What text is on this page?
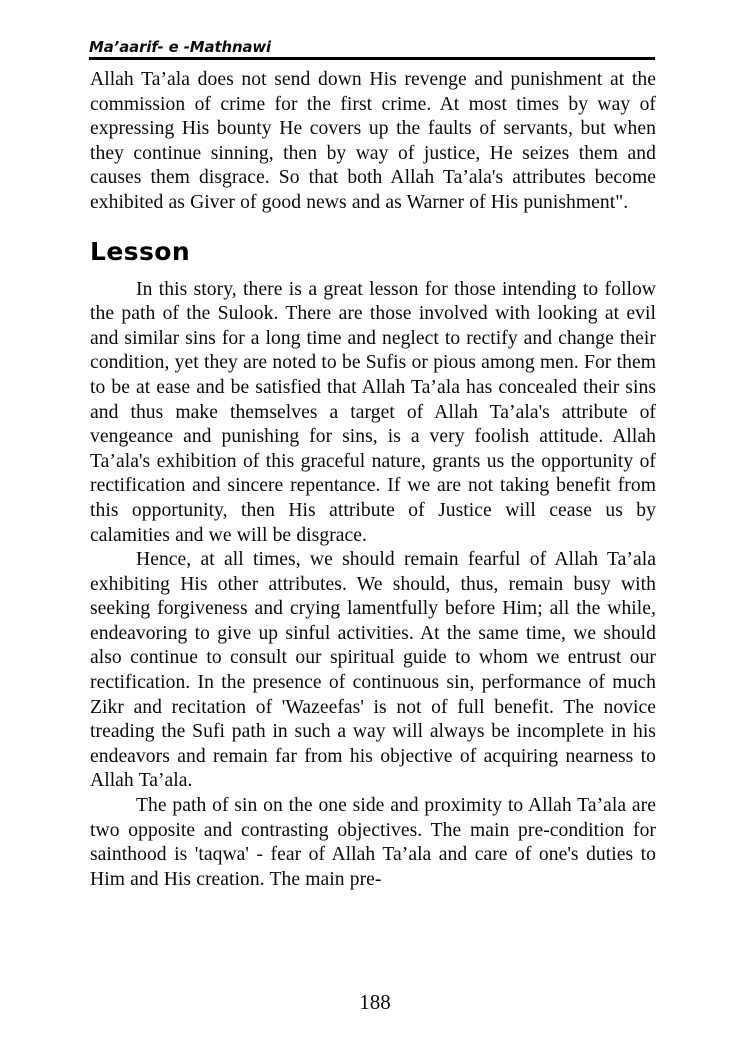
Ma’aarif- e -Mathnawi

Allah Ta’ala does not send down His revenge and punishment at the commission of crime for the first crime. At most times by way of expressing His bounty He covers up the faults of servants, but when they continue sinning, then by way of justice, He seizes them and causes them disgrace. So that both Allah Ta’ala's attributes become exhibited as Giver of good news and as Warner of His punishment".

Lesson

In this story, there is a great lesson for those intending to follow the path of the Sulook. There are those involved with looking at evil and similar sins for a long time and neglect to rectify and change their condition, yet they are noted to be Sufis or pious among men. For them to be at ease and be satisfied that Allah Ta’ala has concealed their sins and thus make themselves a target of Allah Ta’ala's attribute of vengeance and punishing for sins, is a very foolish attitude. Allah Ta’ala's exhibition of this graceful nature, grants us the opportunity of rectification and sincere repentance. If we are not taking benefit from this opportunity, then His attribute of Justice will cease us by calamities and we will be disgrace.

Hence, at all times, we should remain fearful of Allah Ta’ala exhibiting His other attributes. We should, thus, remain busy with seeking forgiveness and crying lamentfully before Him; all the while, endeavoring to give up sinful activities. At the same time, we should also continue to consult our spiritual guide to whom we entrust our rectification. In the presence of continuous sin, performance of much Zikr and recitation of 'Wazeefas' is not of full benefit. The novice treading the Sufi path in such a way will always be incomplete in his endeavors and remain far from his objective of acquiring nearness to Allah Ta’ala.

The path of sin on the one side and proximity to Allah Ta’ala are two opposite and contrasting objectives. The main pre-condition for sainthood is 'taqwa' - fear of Allah Ta’ala and care of one's duties to Him and His creation. The main pre-

188
